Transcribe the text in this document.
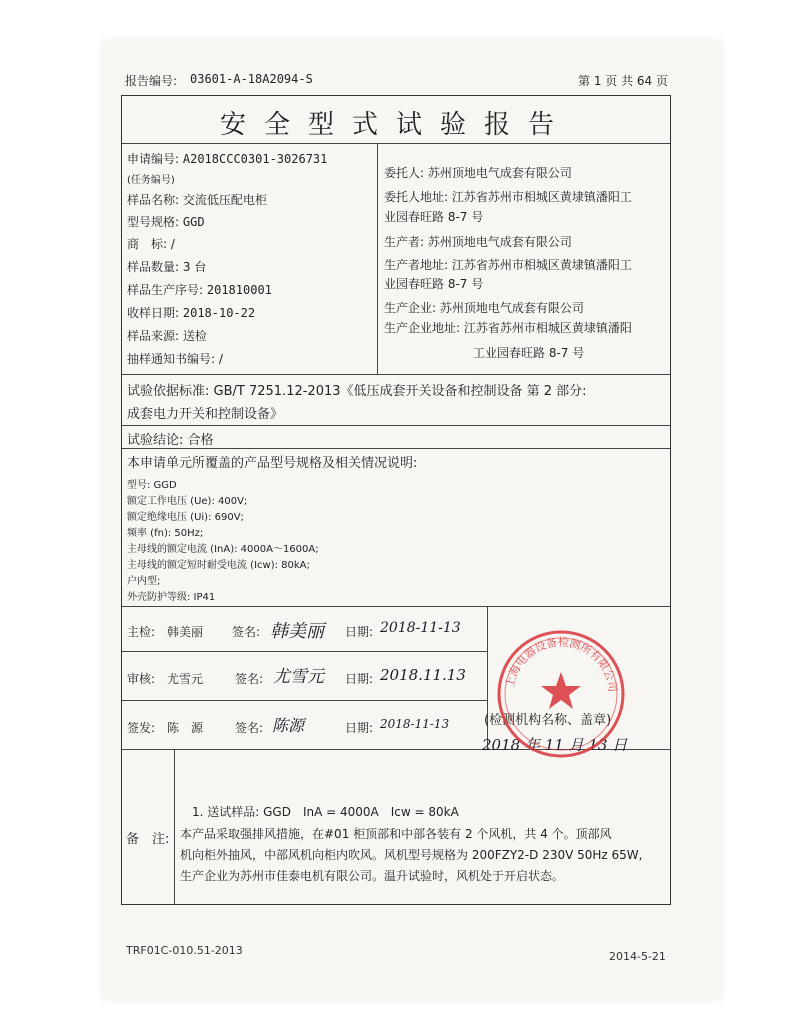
报告编号: 03601-A-18A2094-S	第 1 页 共 64 页
安全型式试验报告
申请编号: A2018CCC0301-3026731
(任务编号)
样品名称: 交流低压配电柜
型号规格: GGD
商　标: /
样品数量: 3 台
样品生产序号: 201810001
收样日期: 2018-10-22
样品来源: 送检
抽样通知书编号: /
委托人: 苏州顶地电气成套有限公司
委托人地址: 江苏省苏州市相城区黄埭镇潘阳工
业园春旺路 8-7 号
生产者: 苏州顶地电气成套有限公司
生产者地址: 江苏省苏州市相城区黄埭镇潘阳工
业园春旺路 8-7 号
生产企业: 苏州顶地电气成套有限公司
生产企业地址: 江苏省苏州市相城区黄埭镇潘阳
工业园春旺路 8-7 号
试验依据标准: GB/T 7251.12-2013《低压成套开关设备和控制设备 第 2 部分:
成套电力开关和控制设备》
试验结论: 合格
本申请单元所覆盖的产品型号规格及相关情况说明:
型号: GGD
额定工作电压 (Ue): 400V;
额定绝缘电压 (Ui): 690V;
频率 (fn): 50Hz;
主母线的额定电流 (InA): 4000A～1600A;
主母线的额定短时耐受电流 (Icw): 80kA;
户内型;
外壳防护等级: IP41
主检: 韩美丽 签名: 韩美丽 日期: 2018-11-13
审核: 尤雪元	签名: 尤雪元 日期: 2018.11.13
签发: 陈　源	签名: 陈源	日期: 2018-11-13	(检测机构名称、盖章)
2018 年 11 月 13 日
备　注:
1. 送试样品: GGD　InA = 4000A　Icw = 80kA
本产品采取强排风措施，在#01 柜顶部和中部各装有 2 个风机，共 4 个。顶部风
机向柜外抽风，中部风机向柜内吹风。风机型号规格为 200FZY2-D 230V 50Hz 65W,
生产企业为苏州市佳泰电机有限公司。温升试验时，风机处于开启状态。
上海电器设备检测所有限公司
TRF01C-010.51-2013	2014-5-21
